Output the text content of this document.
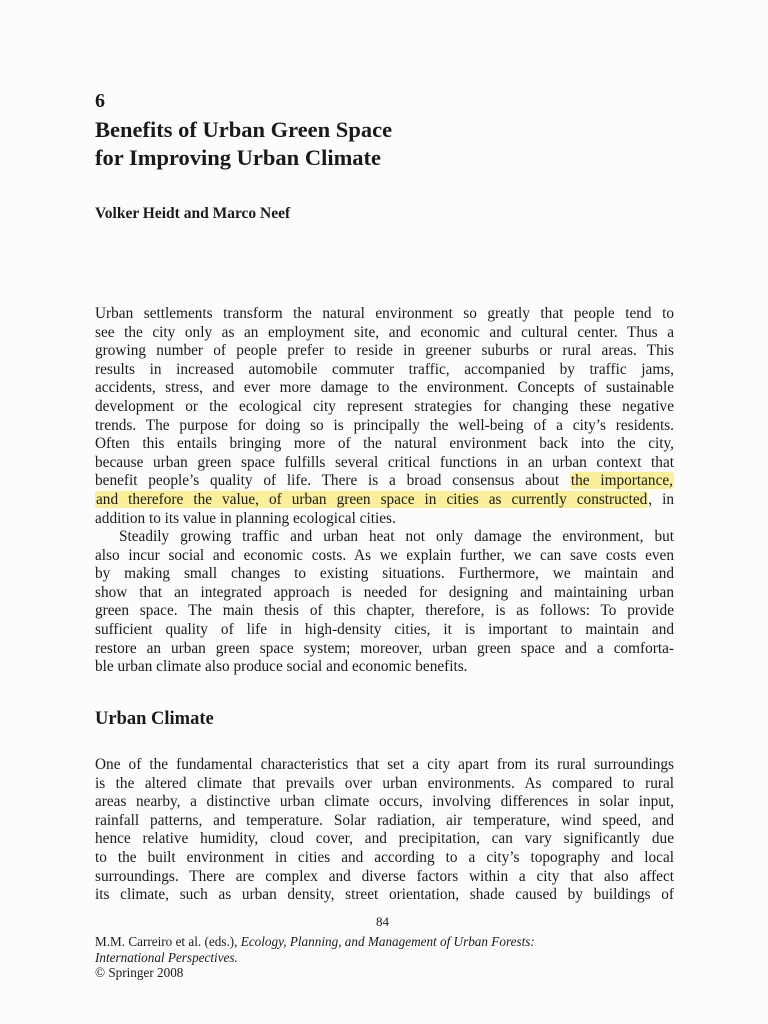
6
Benefits of Urban Green Space
for Improving Urban Climate
Volker Heidt and Marco Neef
Urban settlements transform the natural environment so greatly that people tend to
see the city only as an employment site, and economic and cultural center. Thus a
growing number of people prefer to reside in greener suburbs or rural areas. This
results in increased automobile commuter traffic, accompanied by traffic jams,
accidents, stress, and ever more damage to the environment. Concepts of sustainable
development or the ecological city represent strategies for changing these negative
trends. The purpose for doing so is principally the well-being of a city’s residents.
Often this entails bringing more of the natural environment back into the city,
because urban green space fulfills several critical functions in an urban context that
benefit people’s quality of life. There is a broad consensus about the importance,
and therefore the value, of urban green space in cities as currently constructed, in
addition to its value in planning ecological cities.
Steadily growing traffic and urban heat not only damage the environment, but
also incur social and economic costs. As we explain further, we can save costs even
by making small changes to existing situations. Furthermore, we maintain and
show that an integrated approach is needed for designing and maintaining urban
green space. The main thesis of this chapter, therefore, is as follows: To provide
sufficient quality of life in high-density cities, it is important to maintain and
restore an urban green space system; moreover, urban green space and a comforta-
ble urban climate also produce social and economic benefits.
Urban Climate
One of the fundamental characteristics that set a city apart from its rural surroundings
is the altered climate that prevails over urban environments. As compared to rural
areas nearby, a distinctive urban climate occurs, involving differences in solar input,
rainfall patterns, and temperature. Solar radiation, air temperature, wind speed, and
hence relative humidity, cloud cover, and precipitation, can vary significantly due
to the built environment in cities and according to a city’s topography and local
surroundings. There are complex and diverse factors within a city that also affect
its climate, such as urban density, street orientation, shade caused by buildings of
84
M.M. Carreiro et al. (eds.), Ecology, Planning, and Management of Urban Forests:
International Perspectives.
© Springer 2008
